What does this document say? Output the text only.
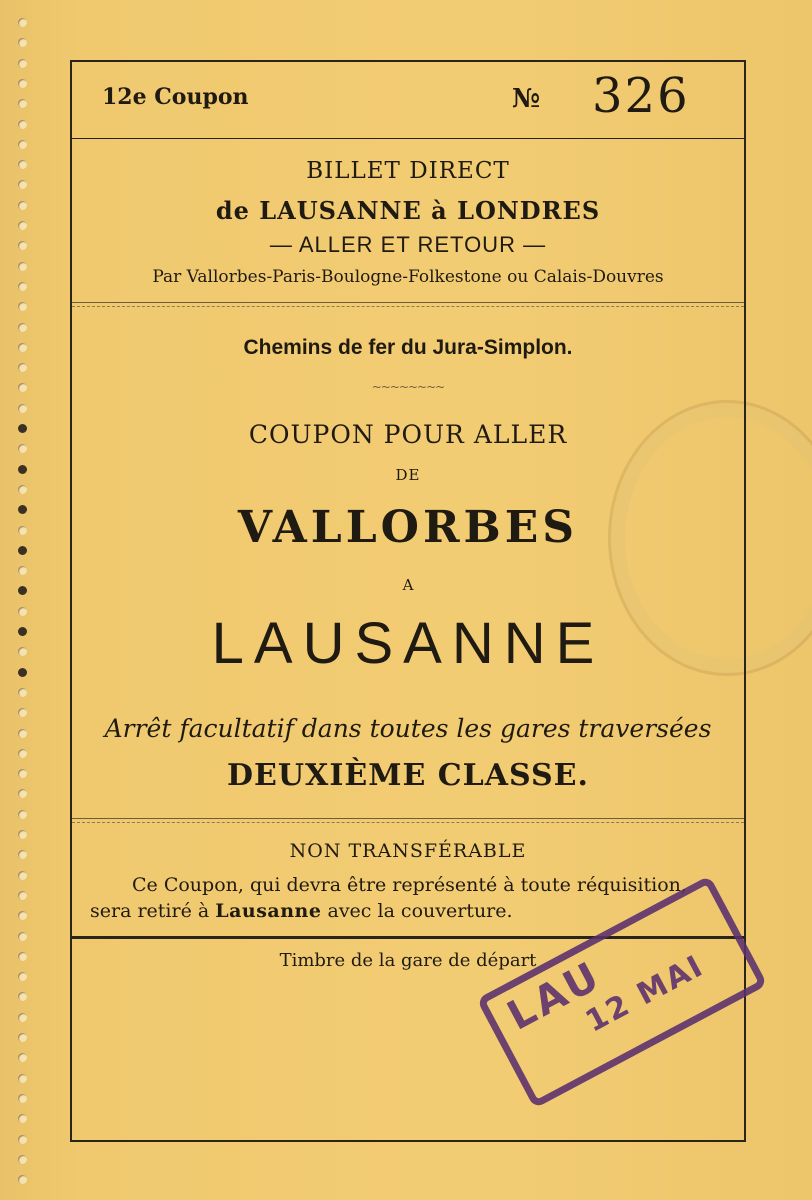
12e Coupon	№ 326
BILLET DIRECT
de LAUSANNE à LONDRES
— ALLER ET RETOUR —
Par Vallorbes-Paris-Boulogne-Folkestone ou Calais-Douvres
Chemins de fer du Jura-Simplon.
~~~~~~~~
COUPON POUR ALLER
DE
VALLORBES
A
LAUSANNE
Arrêt facultatif dans toutes les gares traversées
DEUXIÈME CLASSE.
NON TRANSFÉRABLE
Ce Coupon, qui devra être représenté à toute réquisition,
sera retiré à Lausanne avec la couverture.
Timbre de la gare de départ
LAU
12 MAI
